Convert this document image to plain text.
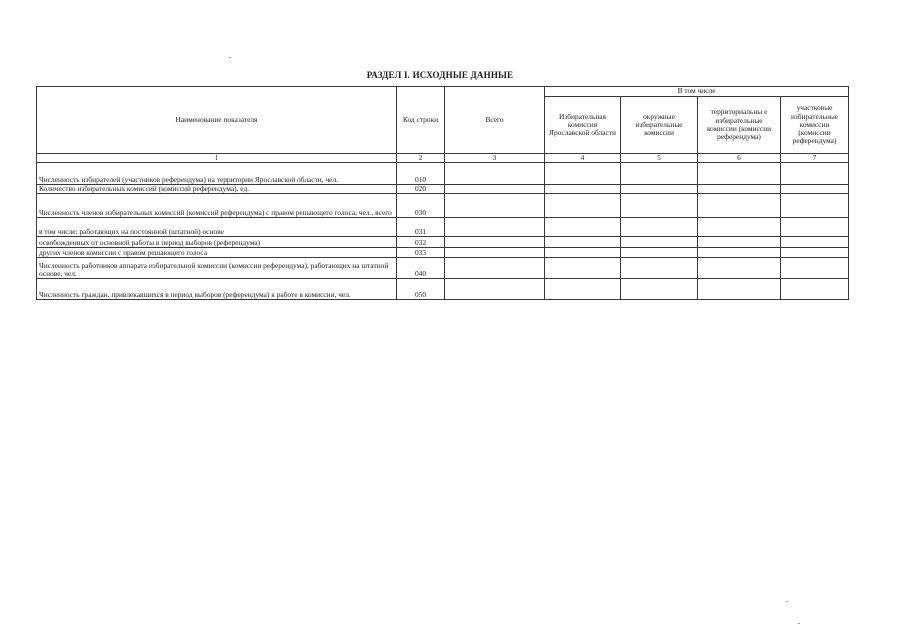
РАЗДЕЛ I. ИСХОДНЫЕ ДАННЫЕ
Наименование показателя	Код строки	Всего	В том числе			
			Избирательная комиссия Ярославской области	окружные избирательные комиссии	территориальны е избирательные комиссии (комиссии референдума)	участковые избирательные комиссии (комиссии референдума)
1	2	3	4	5	6	7
Численность избирателей (участников референдума) на территории Ярославской области, чел.	010					
Количество избирательных комиссий (комиссий референдума), ед.	020					
Численность членов избирательных комиссий (комиссий референдума) с правом решающего голоса, чел., всего	030					
в том числе: работающих на постоянной (штатной) основе	031					
освобожденных от основной работы в период выборов (референдума)	032					
других членов комиссии с правом решающего голоса	033					
Численность работников аппарата избирательной комиссии (комиссии референдума), работающих на штатной основе, чел.	040					
Численность граждан, привлекавшихся в период выборов (референдума) к работе в комиссии, чел.	050					
